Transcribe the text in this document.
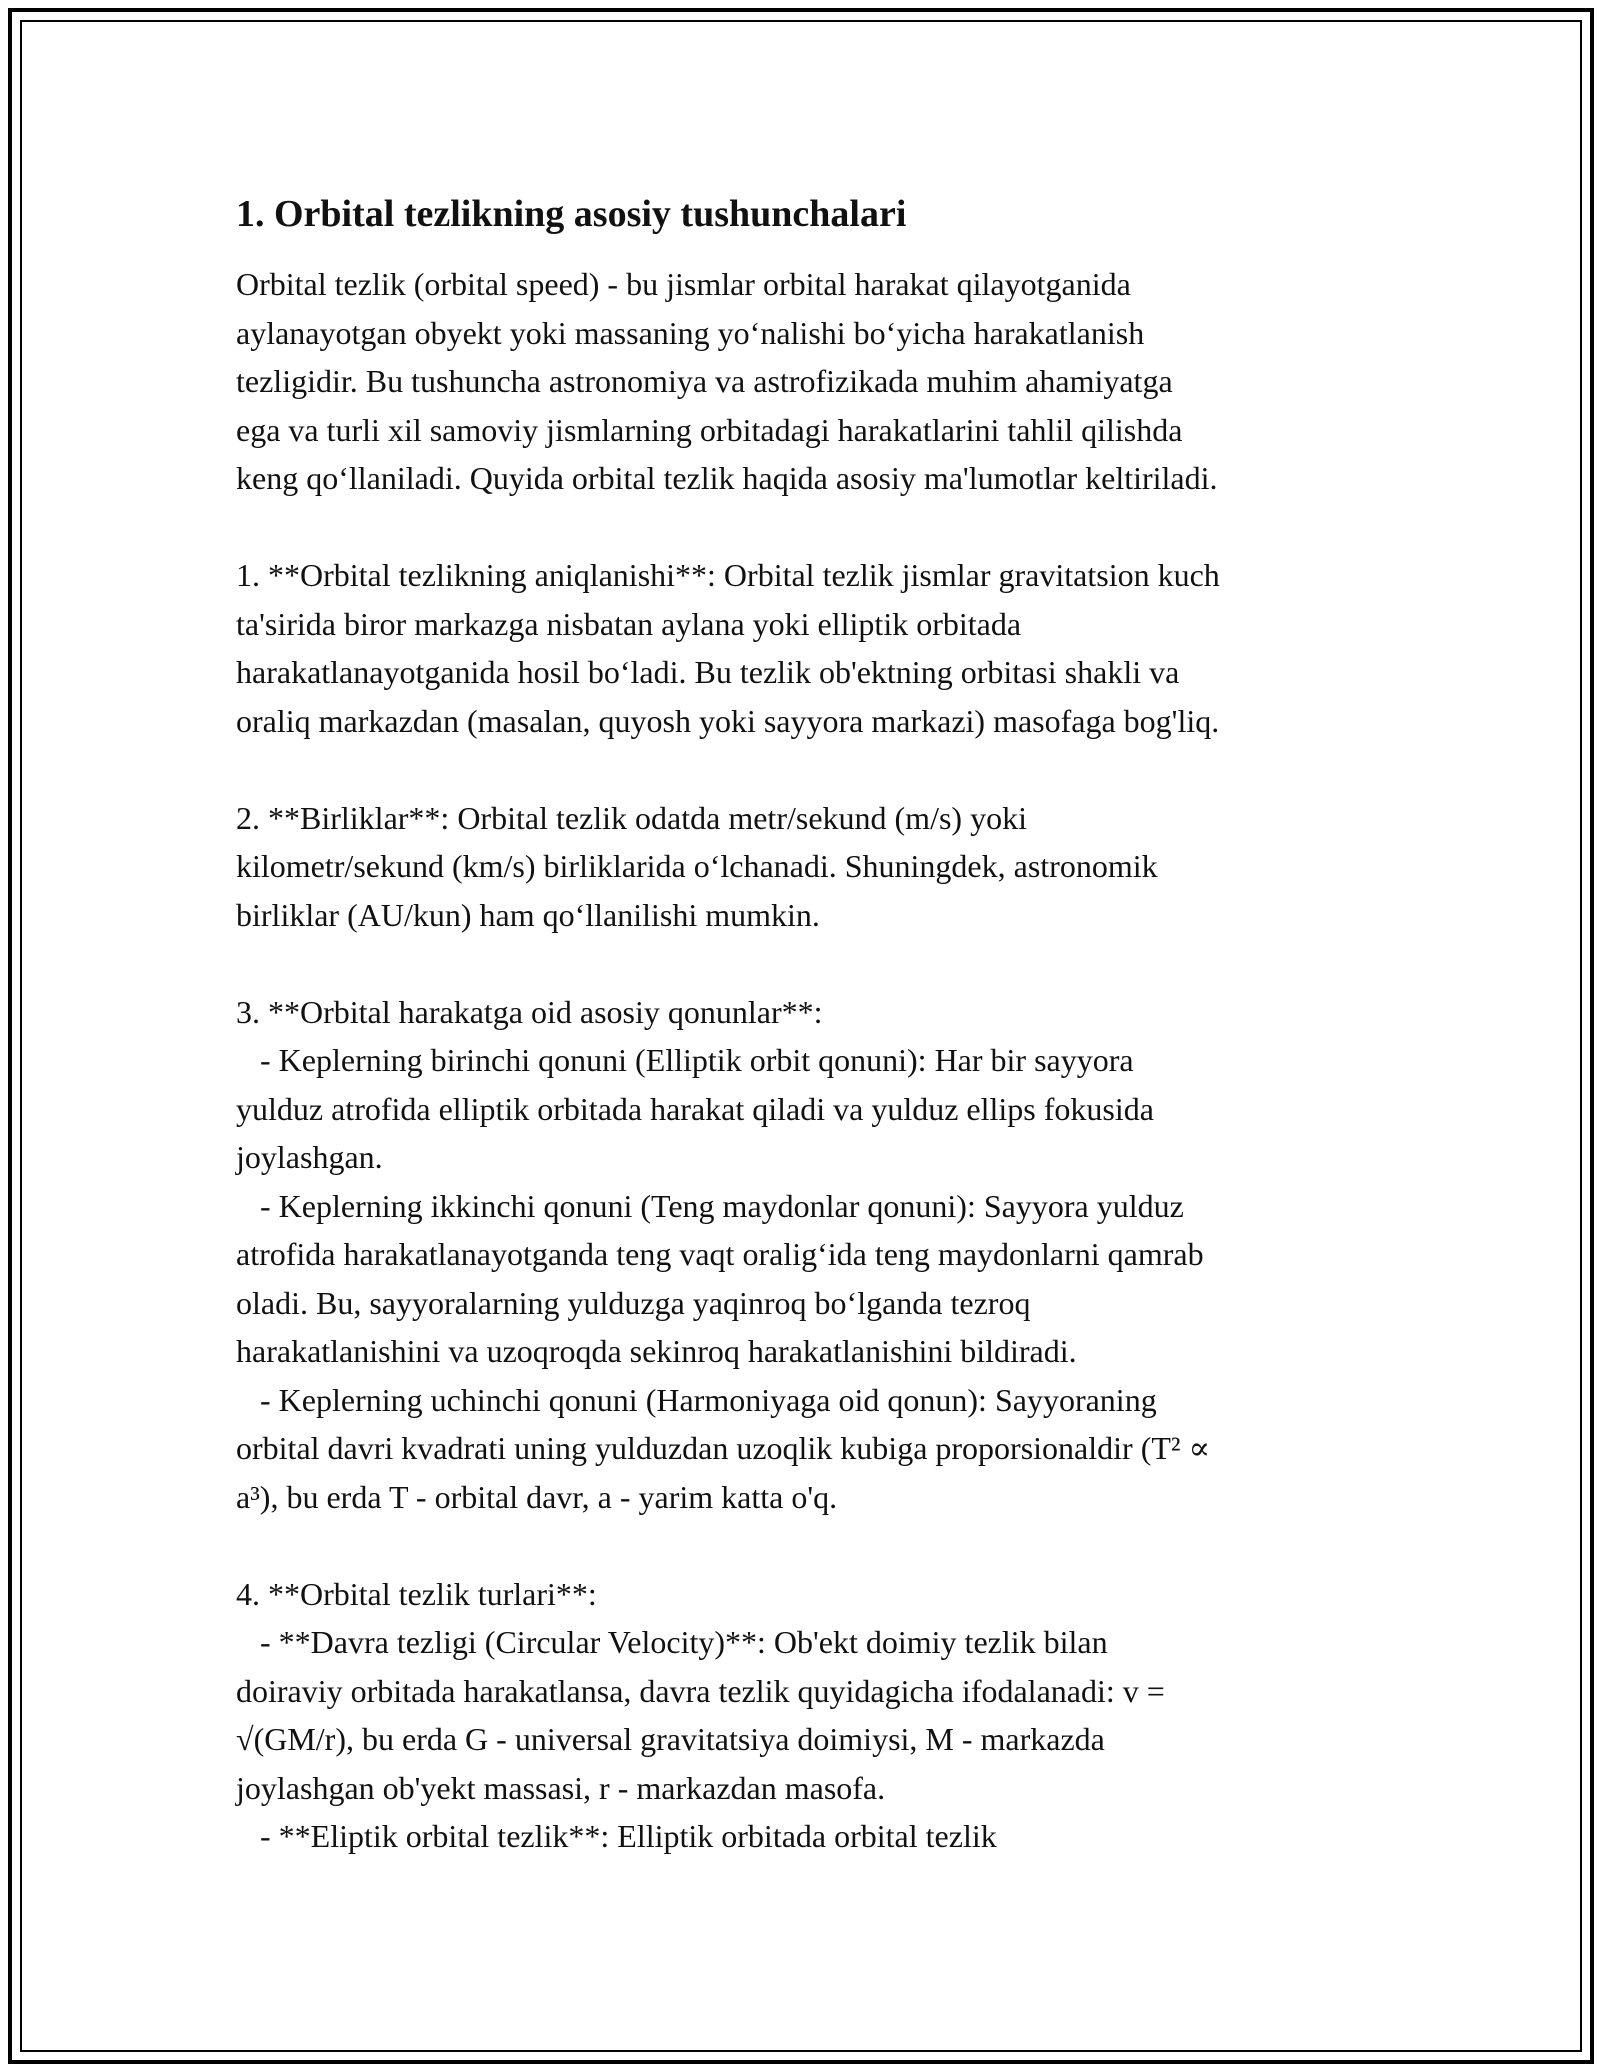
1. Orbital tezlikning asosiy tushunchalari
Orbital tezlik (orbital speed) - bu jismlar orbital harakat qilayotganida
aylanayotgan obyekt yoki massaning yo‘nalishi bo‘yicha harakatlanish
tezligidir. Bu tushuncha astronomiya va astrofizikada muhim ahamiyatga
ega va turli xil samoviy jismlarning orbitadagi harakatlarini tahlil qilishda
keng qo‘llaniladi. Quyida orbital tezlik haqida asosiy ma'lumotlar keltiriladi.
1. **Orbital tezlikning aniqlanishi**: Orbital tezlik jismlar gravitatsion kuch
ta'sirida biror markazga nisbatan aylana yoki elliptik orbitada
harakatlanayotganida hosil bo‘ladi. Bu tezlik ob'ektning orbitasi shakli va
oraliq markazdan (masalan, quyosh yoki sayyora markazi) masofaga bog'liq.
2. **Birliklar**: Orbital tezlik odatda metr/sekund (m/s) yoki
kilometr/sekund (km/s) birliklarida o‘lchanadi. Shuningdek, astronomik
birliklar (AU/kun) ham qo‘llanilishi mumkin.
3. **Orbital harakatga oid asosiy qonunlar**:
- Keplerning birinchi qonuni (Elliptik orbit qonuni): Har bir sayyora
yulduz atrofida elliptik orbitada harakat qiladi va yulduz ellips fokusida
joylashgan.
- Keplerning ikkinchi qonuni (Teng maydonlar qonuni): Sayyora yulduz
atrofida harakatlanayotganda teng vaqt oralig‘ida teng maydonlarni qamrab
oladi. Bu, sayyoralarning yulduzga yaqinroq bo‘lganda tezroq
harakatlanishini va uzoqroqda sekinroq harakatlanishini bildiradi.
- Keplerning uchinchi qonuni (Harmoniyaga oid qonun): Sayyoraning
orbital davri kvadrati uning yulduzdan uzoqlik kubiga proporsionaldir (T² ∝
a³), bu erda T - orbital davr, a - yarim katta o'q.
4. **Orbital tezlik turlari**:
- **Davra tezligi (Circular Velocity)**: Ob'ekt doimiy tezlik bilan
doiraviy orbitada harakatlansa, davra tezlik quyidagicha ifodalanadi: v =
√(GM/r), bu erda G - universal gravitatsiya doimiysi, M - markazda
joylashgan ob'yekt massasi, r - markazdan masofa.
- **Eliptik orbital tezlik**: Elliptik orbitada orbital tezlik
